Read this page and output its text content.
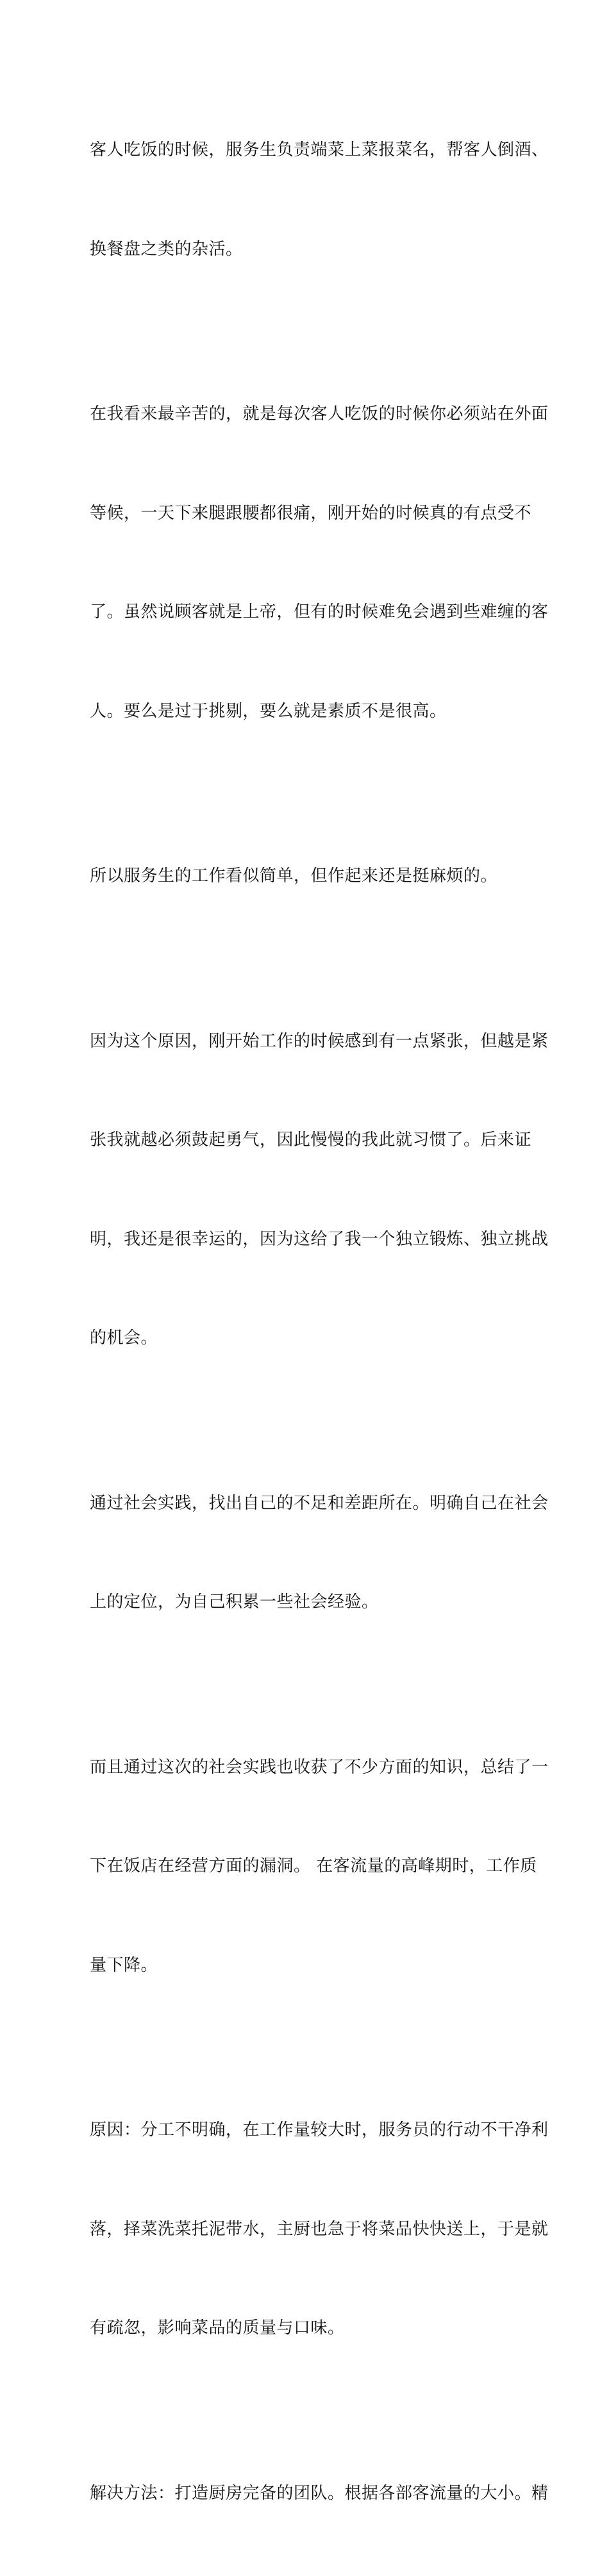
客人吃饭的时候，服务生负责端菜上菜报菜名，帮客人倒酒、

换餐盘之类的杂活。

在我看来最辛苦的，就是每次客人吃饭的时候你必须站在外面

等候，一天下来腿跟腰都很痛，刚开始的时候真的有点受不

了。虽然说顾客就是上帝，但有的时候难免会遇到些难缠的客

人。要么是过于挑剔，要么就是素质不是很高。

所以服务生的工作看似简单，但作起来还是挺麻烦的。

因为这个原因，刚开始工作的时候感到有一点紧张，但越是紧

张我就越必须鼓起勇气，因此慢慢的我此就习惯了。后来证

明，我还是很幸运的，因为这给了我一个独立锻炼、独立挑战

的机会。

通过社会实践，找出自己的不足和差距所在。明确自己在社会

上的定位，为自己积累一些社会经验。

而且通过这次的社会实践也收获了不少方面的知识，总结了一

下在饭店在经营方面的漏洞。 在客流量的高峰期时，工作质

量下降。

原因：分工不明确，在工作量较大时，服务员的行动不干净利

落，择菜洗菜托泥带水，主厨也急于将菜品快快送上，于是就

有疏忽，影响菜品的质量与口味。

解决方法：打造厨房完备的团队。根据各部客流量的大小。精
